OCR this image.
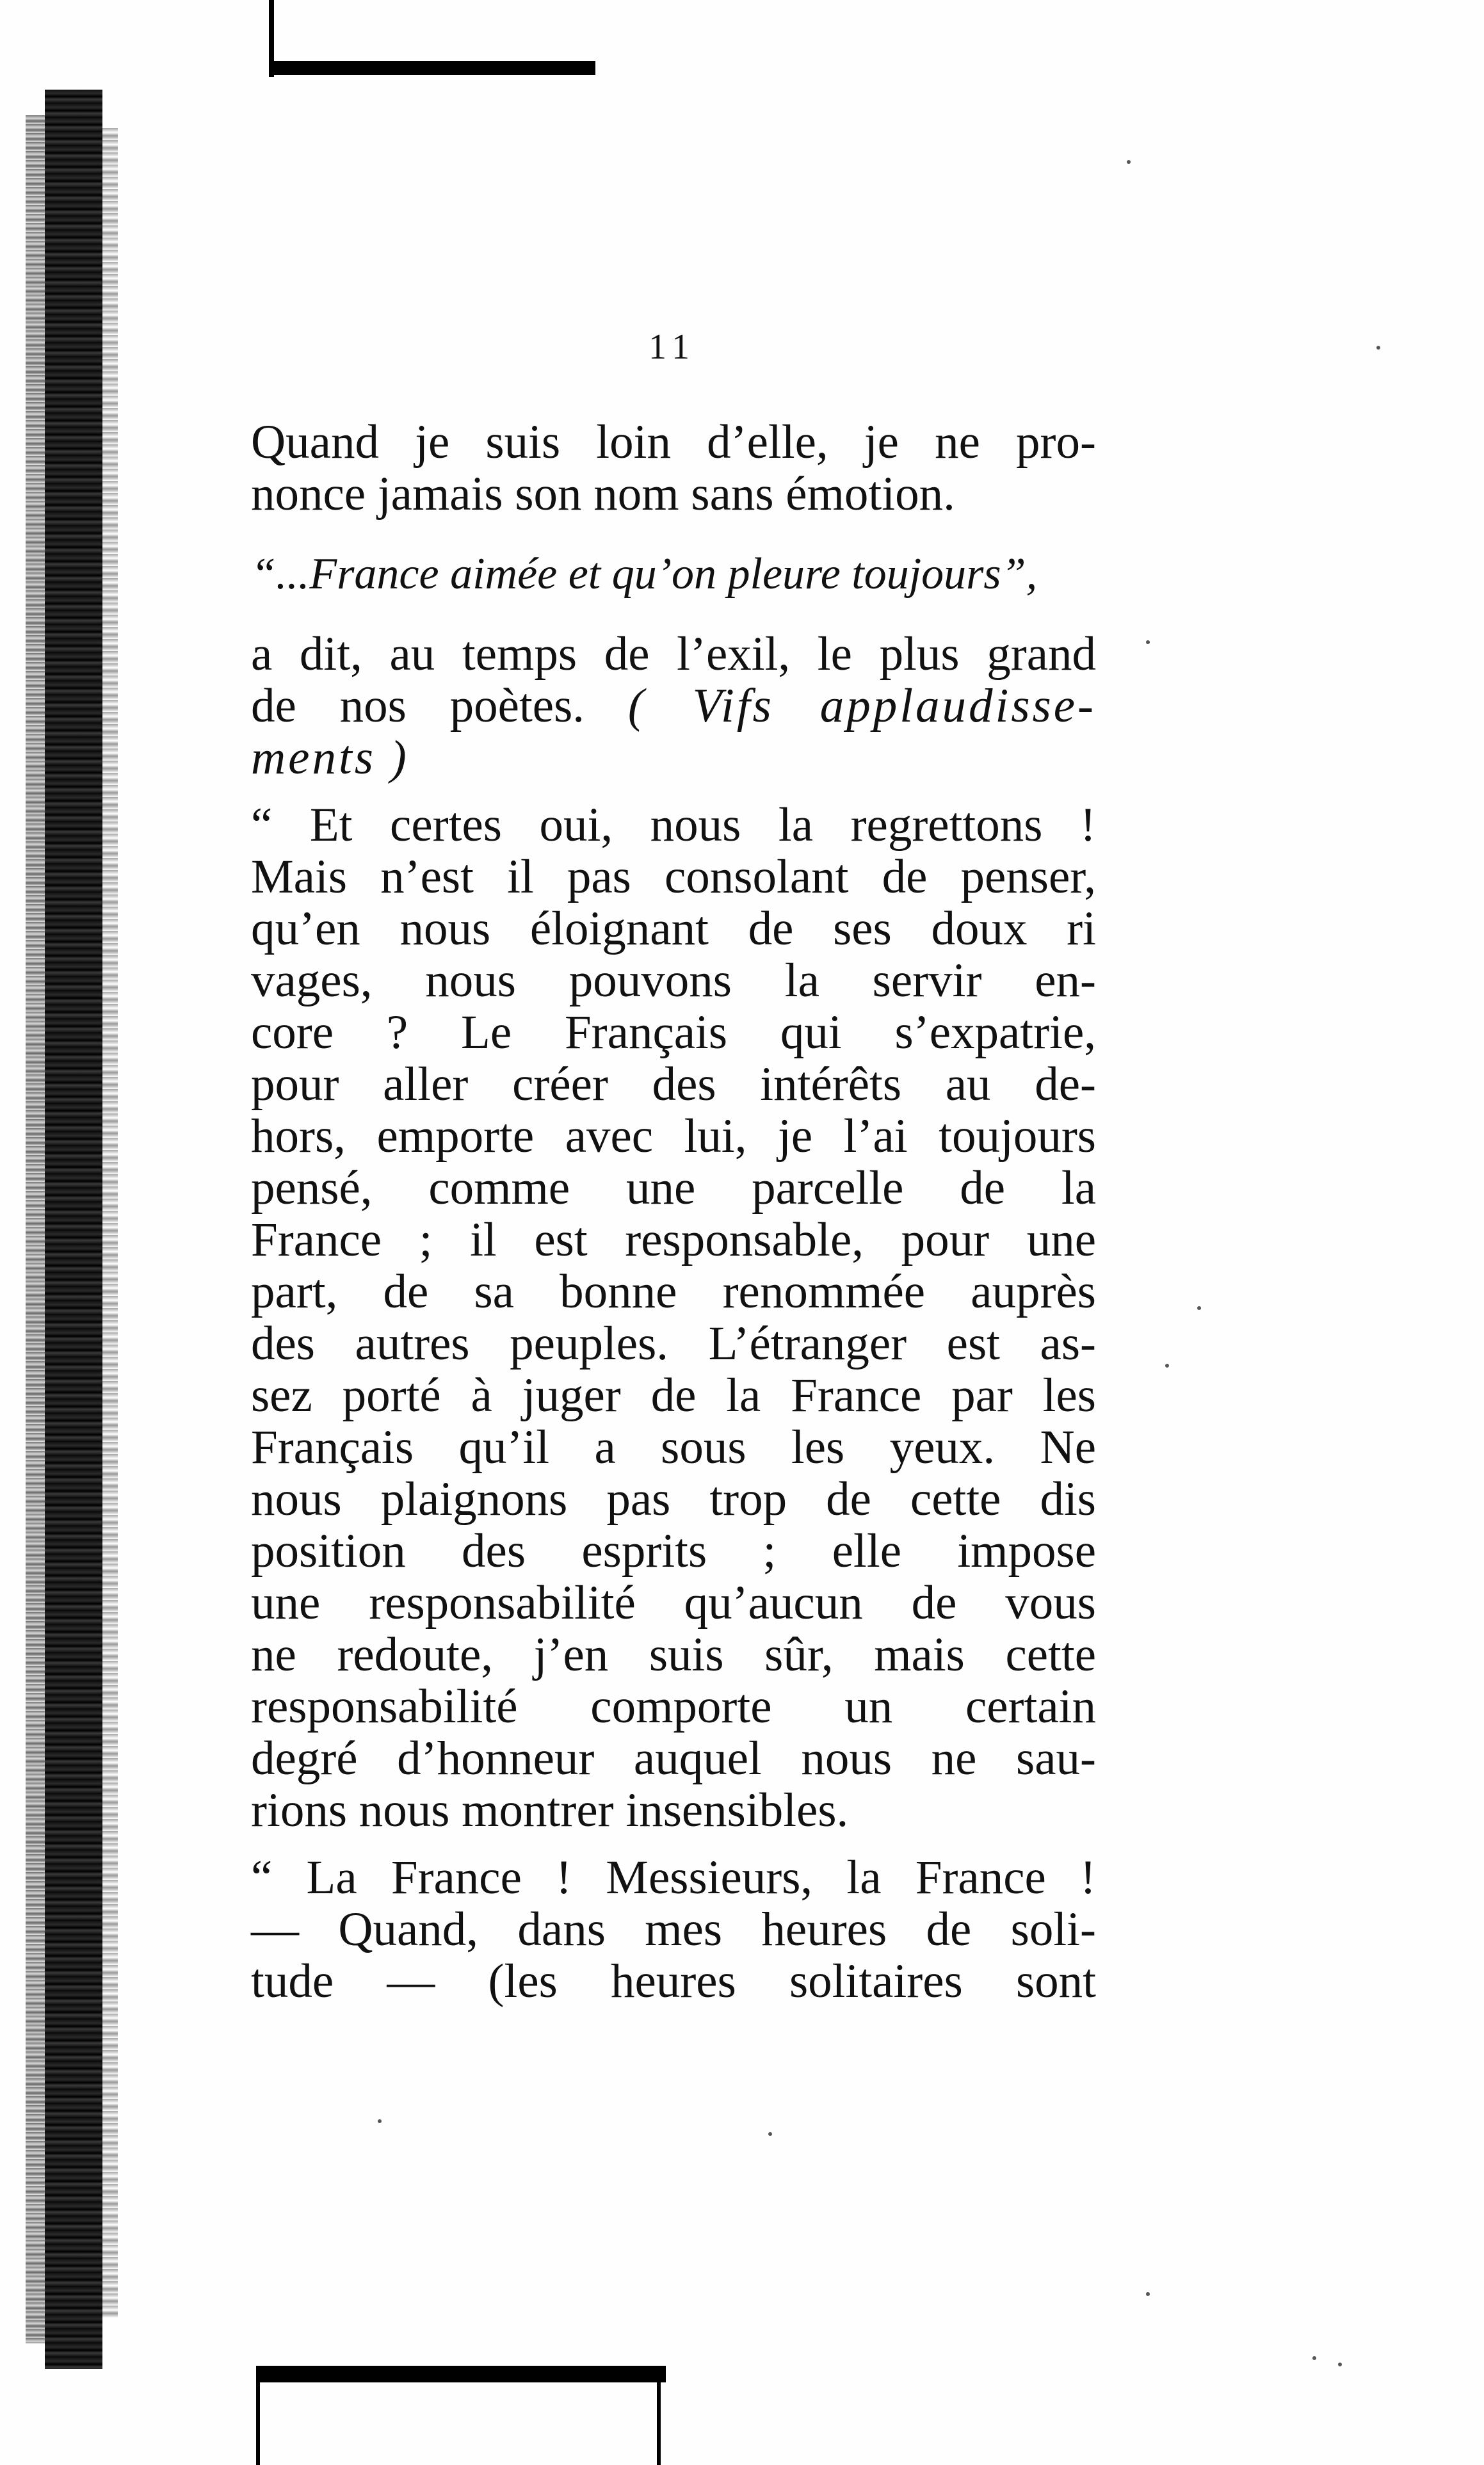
11
Quand je suis loin d’elle, je ne pro-
nonce jamais son nom sans émotion.
“...France aimée et qu’on pleure toujours”,
a dit, au temps de l’exil, le plus grand
de nos poètes. ( Vifs applaudisse-
ments )
“ Et certes oui, nous la regrettons !
Mais n’est il pas consolant de penser,
qu’en nous éloignant de ses doux ri
vages, nous pouvons la servir en-
core ? Le Français qui s’expatrie,
pour aller créer des intérêts au de-
hors, emporte avec lui, je l’ai toujours
pensé, comme une parcelle de la
France ; il est responsable, pour une
part, de sa bonne renommée auprès
des autres peuples. L’étranger est as-
sez porté à juger de la France par les
Français qu’il a sous les yeux. Ne
nous plaignons pas trop de cette dis
position des esprits ; elle impose
une responsabilité qu’aucun de vous
ne redoute, j’en suis sûr, mais cette
responsabilité comporte un certain
degré d’honneur auquel nous ne sau-
rions nous montrer insensibles.
“ La France ! Messieurs, la France !
— Quand, dans mes heures de soli-
tude — (les heures solitaires sont
